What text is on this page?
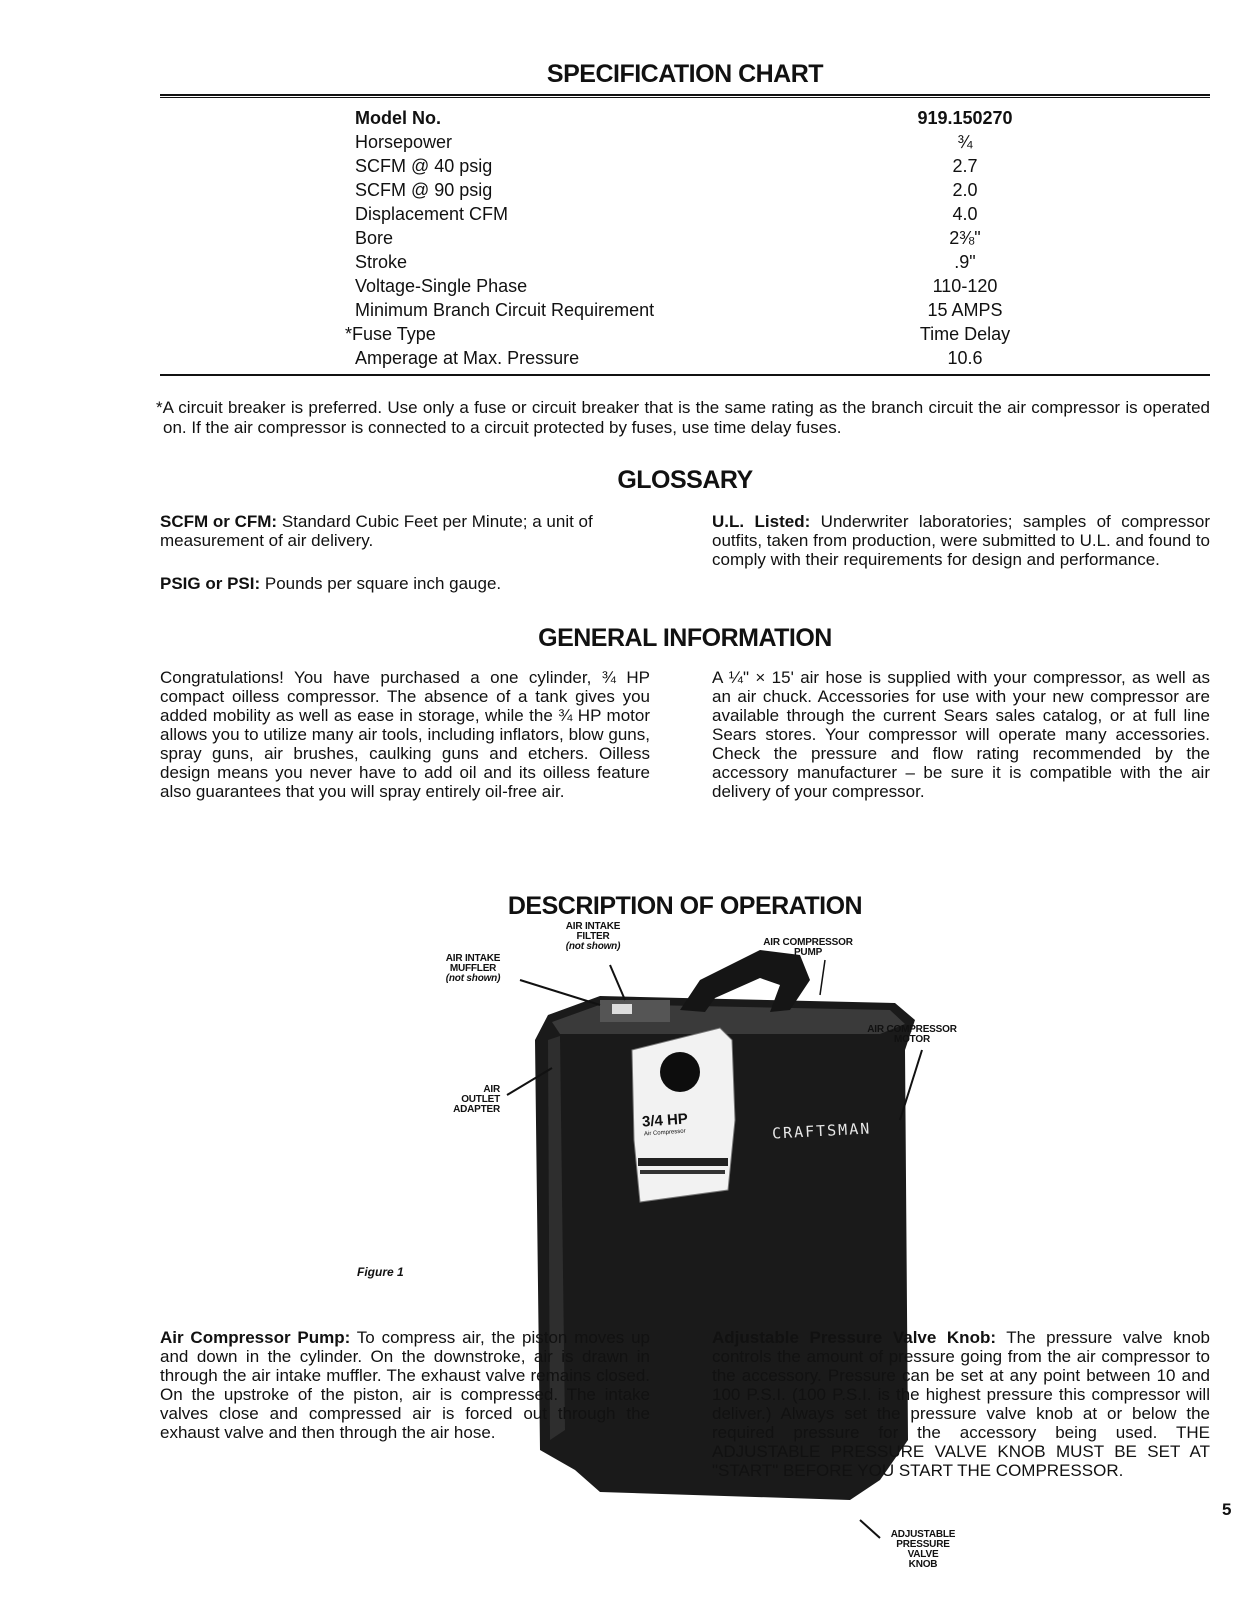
SPECIFICATION CHART
Model No.	919.150270
Horsepower	¾
SCFM @ 40 psig	2.7
SCFM @ 90 psig	2.0
Displacement CFM	4.0
Bore	2⅜"
Stroke	.9"
Voltage-Single Phase	110-120
Minimum Branch Circuit Requirement	15 AMPS
*Fuse Type	Time Delay
Amperage at Max. Pressure	10.6

*A circuit breaker is preferred. Use only a fuse or circuit breaker that is the same rating as the branch circuit the air compressor is operated on. If the air compressor is connected to a circuit protected by fuses, use time delay fuses.

GLOSSARY

SCFM or CFM: Standard Cubic Feet per Minute; a unit of measurement of air delivery.

PSIG or PSI: Pounds per square inch gauge.

U.L. Listed: Underwriter laboratories; samples of compressor outfits, taken from production, were submitted to U.L. and found to comply with their requirements for design and performance.

GENERAL INFORMATION

Congratulations! You have purchased a one cylinder, ¾ HP compact oilless compressor. The absence of a tank gives you added mobility as well as ease in storage, while the ¾ HP motor allows you to utilize many air tools, including inflators, blow guns, spray guns, air brushes, caulking guns and etchers. Oilless design means you never have to add oil and its oilless feature also guarantees that you will spray entirely oil-free air.

A ¼" × 15' air hose is supplied with your compressor, as well as an air chuck. Accessories for use with your new compressor are available through the current Sears sales catalog, or at full line Sears stores. Your compressor will operate many accessories. Check the pressure and flow rating recommended by the accessory manufacturer – be sure it is compatible with the air delivery of your compressor.

DESCRIPTION OF OPERATION
3/4 HP
Air Compressor	CRAFTSMAN
AIR INTAKE
FILTER
(not shown)
AIR INTAKE
MUFFLER
(not shown)
AIR COMPRESSOR
PUMP
AIR COMPRESSOR
MOTOR
AIR
OUTLET
ADAPTER
ADJUSTABLE
PRESSURE
VALVE
KNOB
Figure 1

Air Compressor Pump: To compress air, the piston moves up and down in the cylinder. On the downstroke, air is drawn in through the air intake muffler. The exhaust valve remains closed. On the upstroke of the piston, air is compressed. The intake valves close and compressed air is forced out through the exhaust valve and then through the air hose.

Adjustable Pressure Valve Knob: The pressure valve knob controls the amount of pressure going from the air compressor to the accessory. Pressure can be set at any point between 10 and 100 P.S.I. (100 P.S.I. is the highest pressure this compressor will deliver.) Always set the pressure valve knob at or below the required pressure for the accessory being used. THE ADJUSTABLE PRESSURE VALVE KNOB MUST BE SET AT "START" BEFORE YOU START THE COMPRESSOR.

5
